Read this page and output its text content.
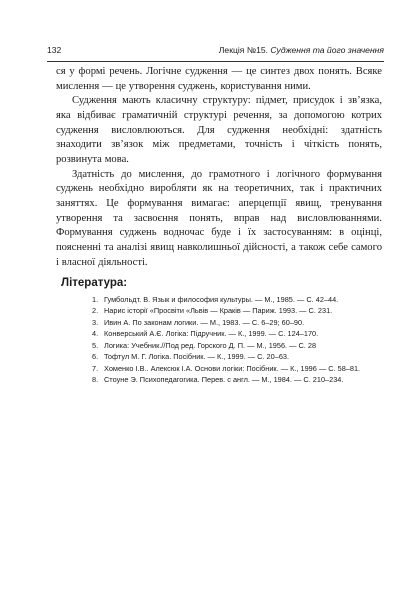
132	Лекція №15. Судження та його значення

ся у формі речень. Логічне судження — це синтез двох понять. Всяке мислення — це утворення суджень, користування ними.

Судження мають класичну структуру: підмет, присудок і зв’язка, яка відбиває граматичній структурі речення, за допомогою котрих судження висловлюються. Для судження необхідні: здатність знаходити зв’язок між предметами, точність і чіткість понять, розвинута мова.

Здатність до мислення, до грамотного і логічного формування суджень необхідно виробляти як на теоретичних, так і практичних заняттях. Це формування вимагає: аперцепції явищ, тренування утворення та засвоєння понять, вправ над висловлюваннями. Формування суджень водночас буде і їх застосуванням: в оцінці, поясненні та аналізі явищ навколишньої дійсності, а також себе самого і власної діяльності.

Література:
1. Гумбольдт. В. Язык и философия культуры. — М., 1985. — С. 42–44.
2. Нарис історії «Просвіти «Львів — Краків — Париж. 1993. — С. 231.
3. Ивин А. По законам логики. — М., 1983. — С. 6–29; 60–90.
4. Конверський А.Є. Логіка: Підручник. — К., 1999. — С. 124–170.
5. Логика: Учебник.//Под ред. Горского Д. П. — М., 1956. — С. 28
6. Тофтул М. Г. Логіка. Посібник. — К., 1999. — С. 20–63.
7. Хоменко І.В.. Алексюк І.А. Основи логіки: Посібник. — К., 1996 — С. 58–81.
8. Стоуне Э. Психопедагогика. Перев. с англ. — М., 1984. — С. 210–234.
